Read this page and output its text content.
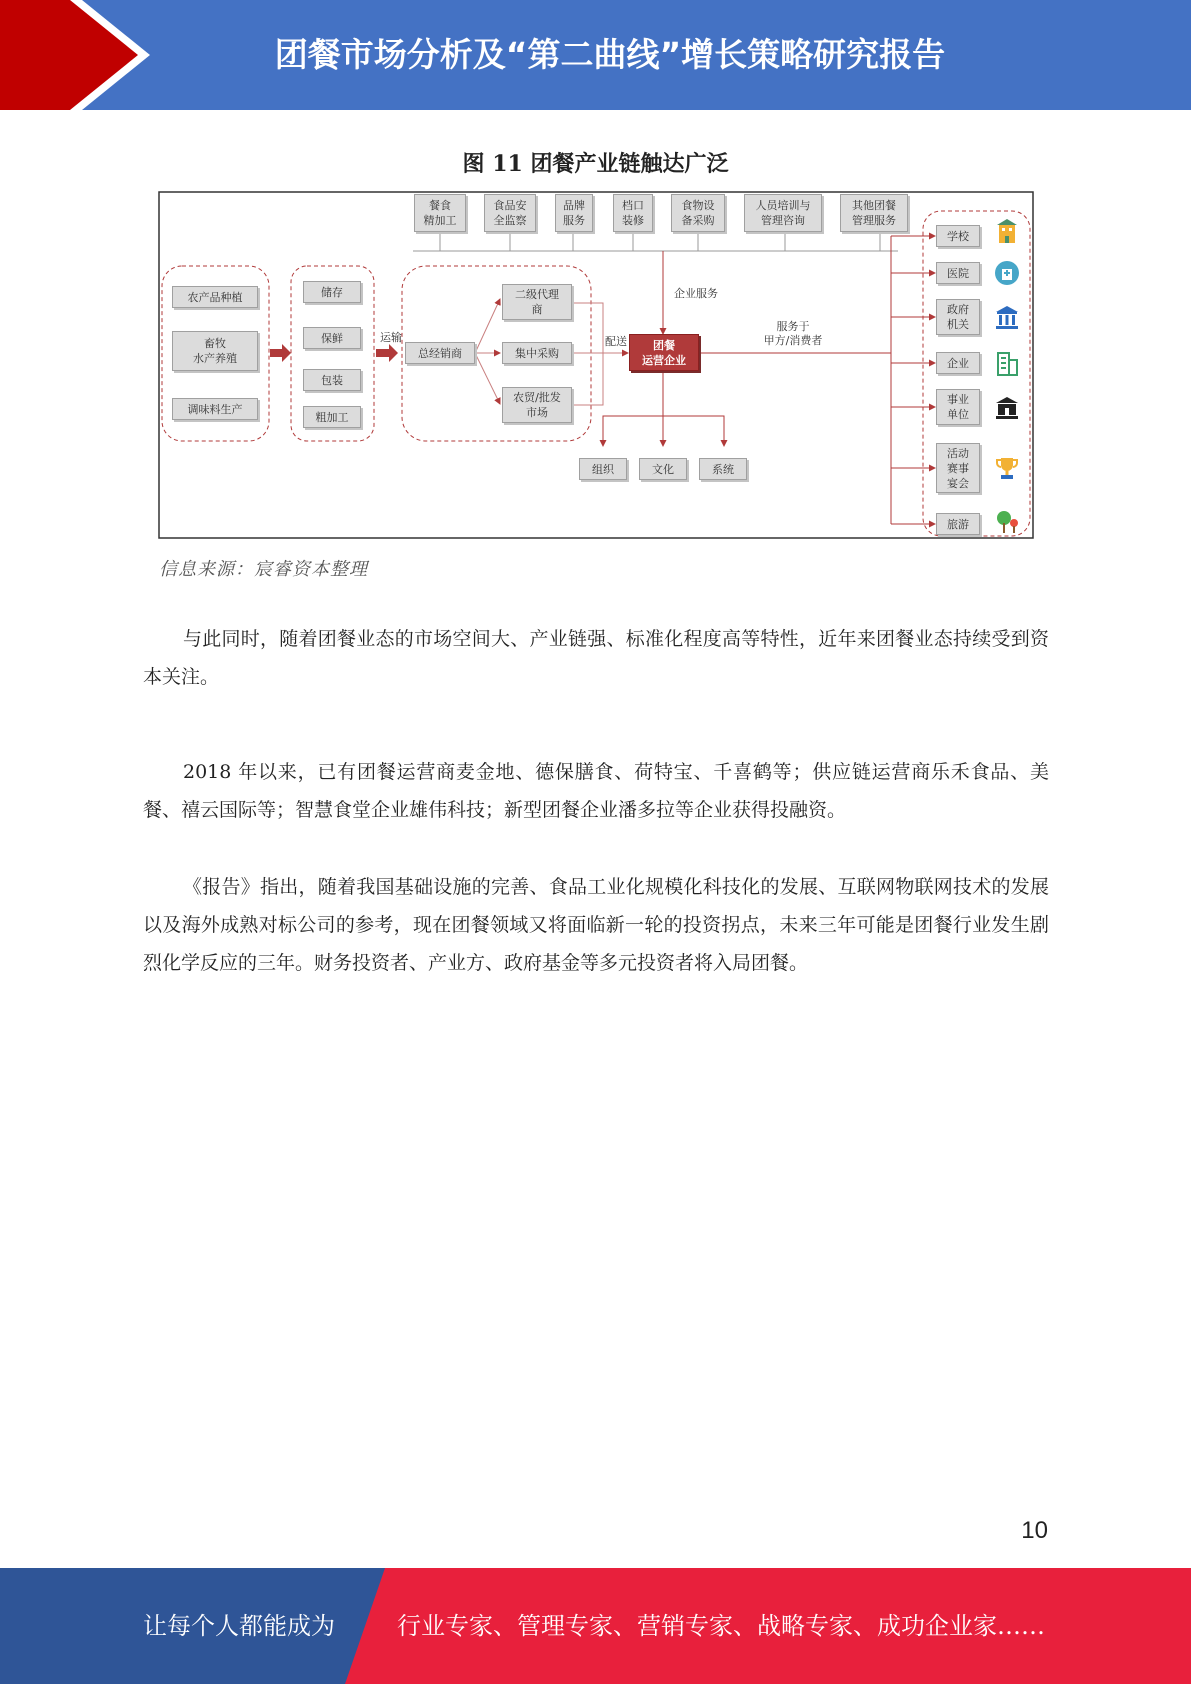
团餐市场分析及“第二曲线”增长策略研究报告
图 11 团餐产业链触达广泛
餐食
精加工
食品安
全监察
品牌
服务
档口
装修
食物设
备采购
人员培训与
管理咨询
其他团餐
管理服务
农产品种植
畜牧
水产养殖
调味料生产
储存
保鲜
包装
粗加工
运输
总经销商
二级代理
商
集中采购
农贸/批发
市场
配送
企业服务
团餐
运营企业
服务于
甲方/消费者
组织	文化	系统
学校
医院
政府
机关
企业
事业
单位
活动
赛事
宴会
旅游
信息来源：宸睿资本整理

与此同时，随着团餐业态的市场空间大、产业链强、标准化程度高等特性，近年来团餐业态持续受到资本关注。

2018 年以来，已有团餐运营商麦金地、德保膳食、荷特宝、千喜鹤等；供应链运营商乐禾食品、美餐、禧云国际等；智慧食堂企业雄伟科技；新型团餐企业潘多拉等企业获得投融资。

《报告》指出，随着我国基础设施的完善、食品工业化规模化科技化的发展、互联网物联网技术的发展以及海外成熟对标公司的参考，现在团餐领域又将面临新一轮的投资拐点，未来三年可能是团餐行业发生剧烈化学反应的三年。财务投资者、产业方、政府基金等多元投资者将入局团餐。

10
让每个人都能成为	行业专家、管理专家、营销专家、战略专家、成功企业家……
